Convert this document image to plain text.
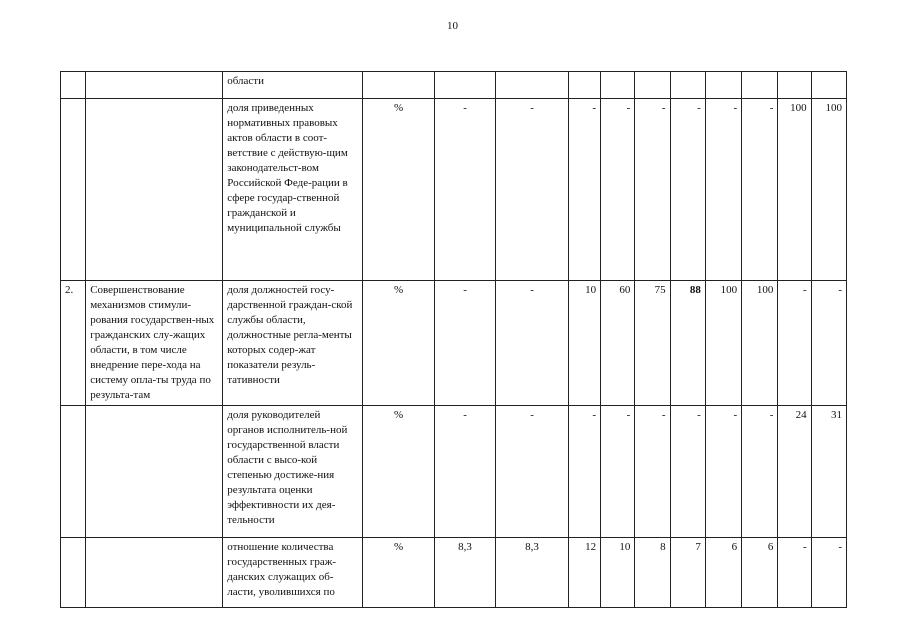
10
		области											
		доля приведенных нормативных правовых актов области в соот-ветствие с действую-щим законодательст-вом Российской Феде-рации в сфере государ-ственной гражданской и муниципальной службы	%	-	-	-	-	-	-	-	-	100	100
2.	Совершенствование механизмов стимули-рования государствен-ных гражданских слу-жащих области, в том числе внедрение пере-хода на систему опла-ты труда по результа-там	доля должностей госу-дарственной граждан-ской службы области, должностные регла-менты которых содер-жат показатели резуль-тативности	%	-	-	10	60	75	88	100	100	-	-
		доля руководителей органов исполнитель-ной государственной власти области с высо-кой степенью достиже-ния результата оценки эффективности их дея-тельности	%	-	-	-	-	-	-	-	-	24	31
		отношение количества государственных граж-данских служащих об-ласти, уволившихся по	%	8,3	8,3	12	10	8	7	6	6	-	-
